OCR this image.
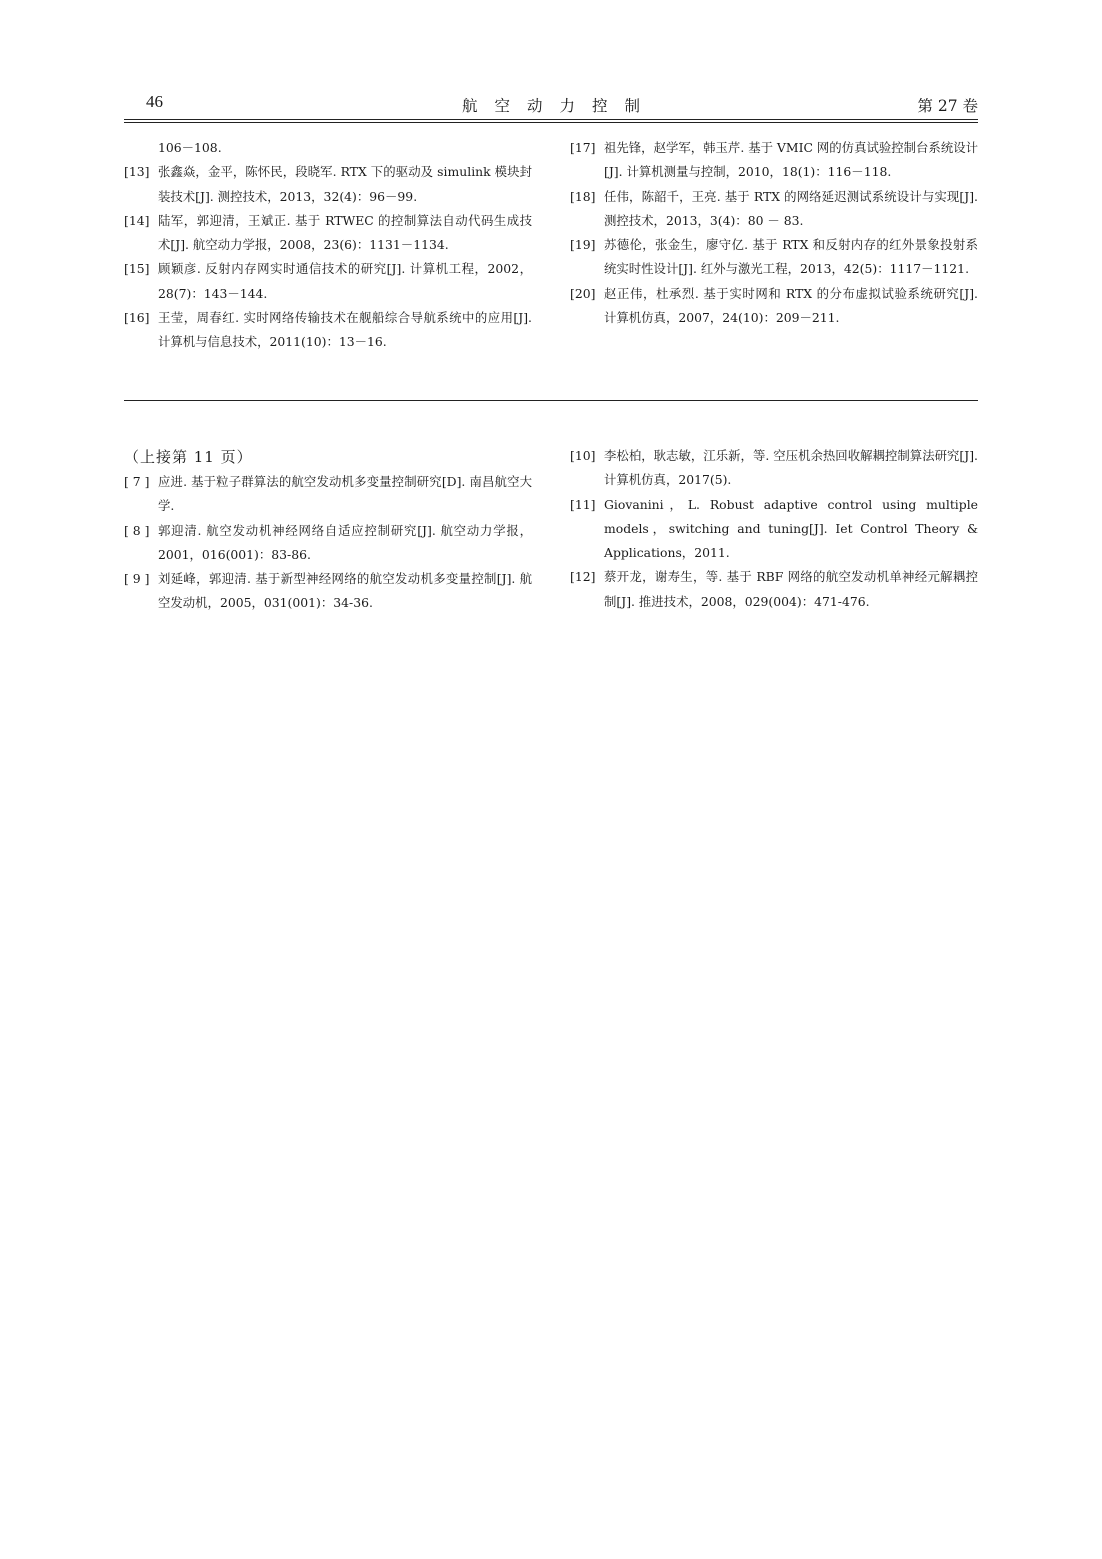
46	航空动力控制	第 27 卷
106－108.
[13] 张鑫焱，金平，陈怀民，段晓军. RTX 下的驱动及 simulink 模块封装技术[J]. 测控技术，2013，32(4)：96－99.
[14] 陆军，郭迎清，王斌正. 基于 RTWEC 的控制算法自动代码生成技术[J]. 航空动力学报，2008，23(6)：1131－1134.
[15] 顾颖彦. 反射内存网实时通信技术的研究[J]. 计算机工程，2002，28(7)：143－144.
[16] 王莹，周春红. 实时网络传输技术在舰船综合导航系统中的应用[J]. 计算机与信息技术，2011(10)：13－16.
[17] 祖先锋，赵学军，韩玉芹. 基于 VMIC 网的仿真试验控制台系统设计[J]. 计算机测量与控制，2010，18(1)：116－118.
[18] 任伟，陈韶千，王亮. 基于 RTX 的网络延迟测试系统设计与实现[J]. 测控技术，2013，3(4)：80 － 83.
[19] 苏德伦，张金生，廖守亿. 基于 RTX 和反射内存的红外景象投射系统实时性设计[J]. 红外与激光工程，2013，42(5)：1117－1121.
[20] 赵正伟，杜承烈. 基于实时网和 RTX 的分布虚拟试验系统研究[J]. 计算机仿真，2007，24(10)：209－211.
（上接第 11 页）
[ 7 ] 应进. 基于粒子群算法的航空发动机多变量控制研究[D]. 南昌航空大学.
[ 8 ] 郭迎清. 航空发动机神经网络自适应控制研究[J]. 航空动力学报，2001，016(001)：83-86.
[ 9 ] 刘延峰，郭迎清. 基于新型神经网络的航空发动机多变量控制[J]. 航空发动机，2005，031(001)：34-36.
[10] 李松柏，耿志敏，江乐新，等. 空压机余热回收解耦控制算法研究[J]. 计算机仿真，2017(5).
[11] Giovanini，L. Robust adaptive control using multiple models，switching and tuning[J]. Iet Control Theory & Applications，2011.
[12] 蔡开龙，谢寿生，等. 基于 RBF 网络的航空发动机单神经元解耦控制[J]. 推进技术，2008，029(004)：471-476.
